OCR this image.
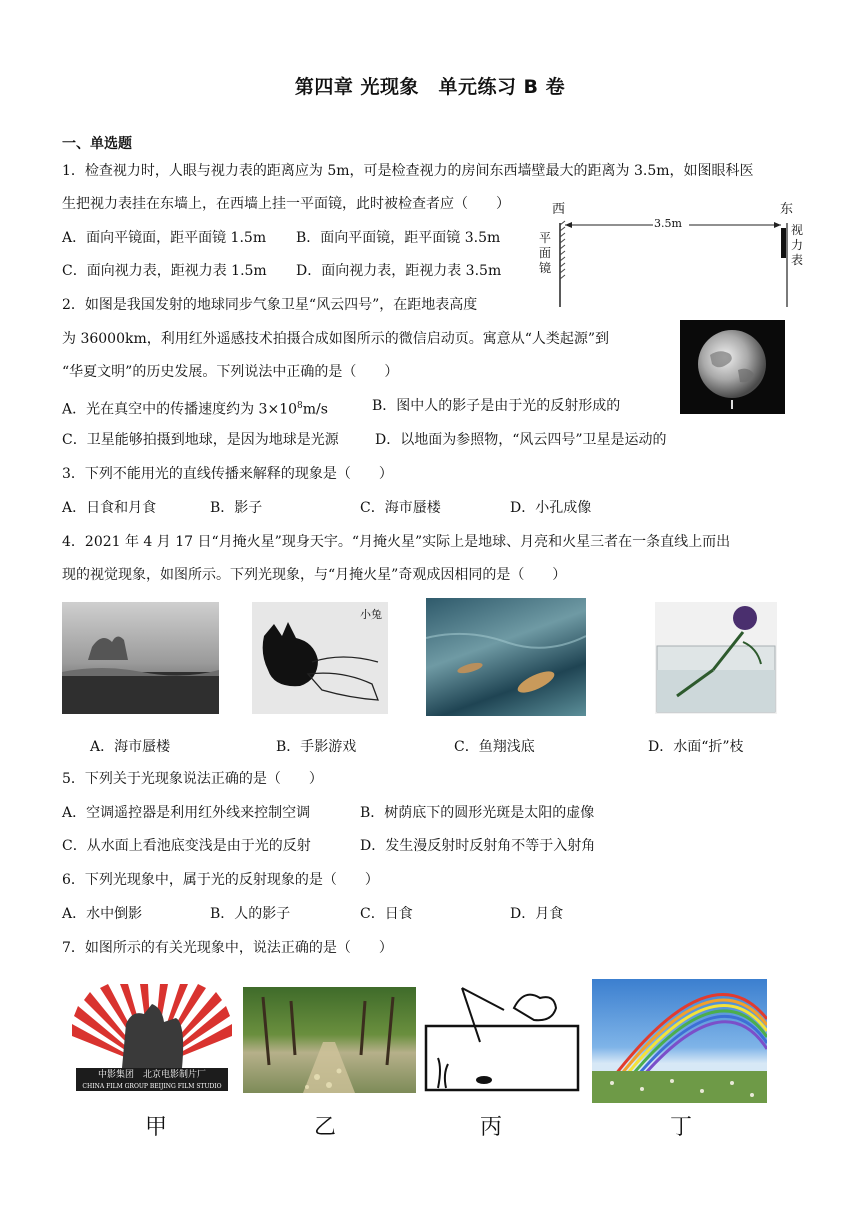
第四章 光现象　单元练习 B 卷
一、单选题
1．检查视力时，人眼与视力表的距离应为 5m，可是检查视力的房间东西墙壁最大的距离为 3.5m，如图眼科医
生把视力表挂在东墙上，在西墙上挂一平面镜，此时被检查者应（　　）
A．面向平镜面，距平面镜 1.5m B．面向平面镜，距平面镜 3.5m
C．面向视力表，距视力表 1.5m D．面向视力表，距视力表 3.5m
西	东
3.5m
平面镜
视力表
2．如图是我国发射的地球同步气象卫星“风云四号”，在距地表高度
为 36000km，利用红外遥感技术拍摄合成如图所示的微信启动页。寓意从“人类起源”到
“华夏文明”的历史发展。下列说法中正确的是（　　）
A．光在真空中的传播速度约为 $3\times 10^8m/s$	B．图中人的影子是由于光的反射形成的
C．卫星能够拍摄到地球，是因为地球是光源	D．以地面为参照物，“风云四号”卫星是运动的
3．下列不能用光的直线传播来解释的现象是（　　）
A．日食和月食	B．影子	C．海市蜃楼	D．小孔成像
4．2021 年 4 月 17 日“月掩火星”现身天宇。“月掩火星”实际上是地球、月亮和火星三者在一条直线上而出
现的视觉现象，如图所示。下列光现象，与“月掩火星”奇观成因相同的是（　　）
小兔
A．海市蜃楼	B．手影游戏	C．鱼翔浅底	D．水面“折”枝
5．下列关于光现象说法正确的是（　　）
A．空调遥控器是利用红外线来控制空调	B．树荫底下的圆形光斑是太阳的虚像
C．从水面上看池底变浅是由于光的反射	D．发生漫反射时反射角不等于入射角
6．下列光现象中，属于光的反射现象的是（　　）
A．水中倒影	B．人的影子	C．日食	D．月食
7．如图所示的有关光现象中，说法正确的是（　　）
中影集团　北京电影制片厂
CHINA FILM GROUP BEIJING FILM STUDIO
甲	乙	丙	丁
